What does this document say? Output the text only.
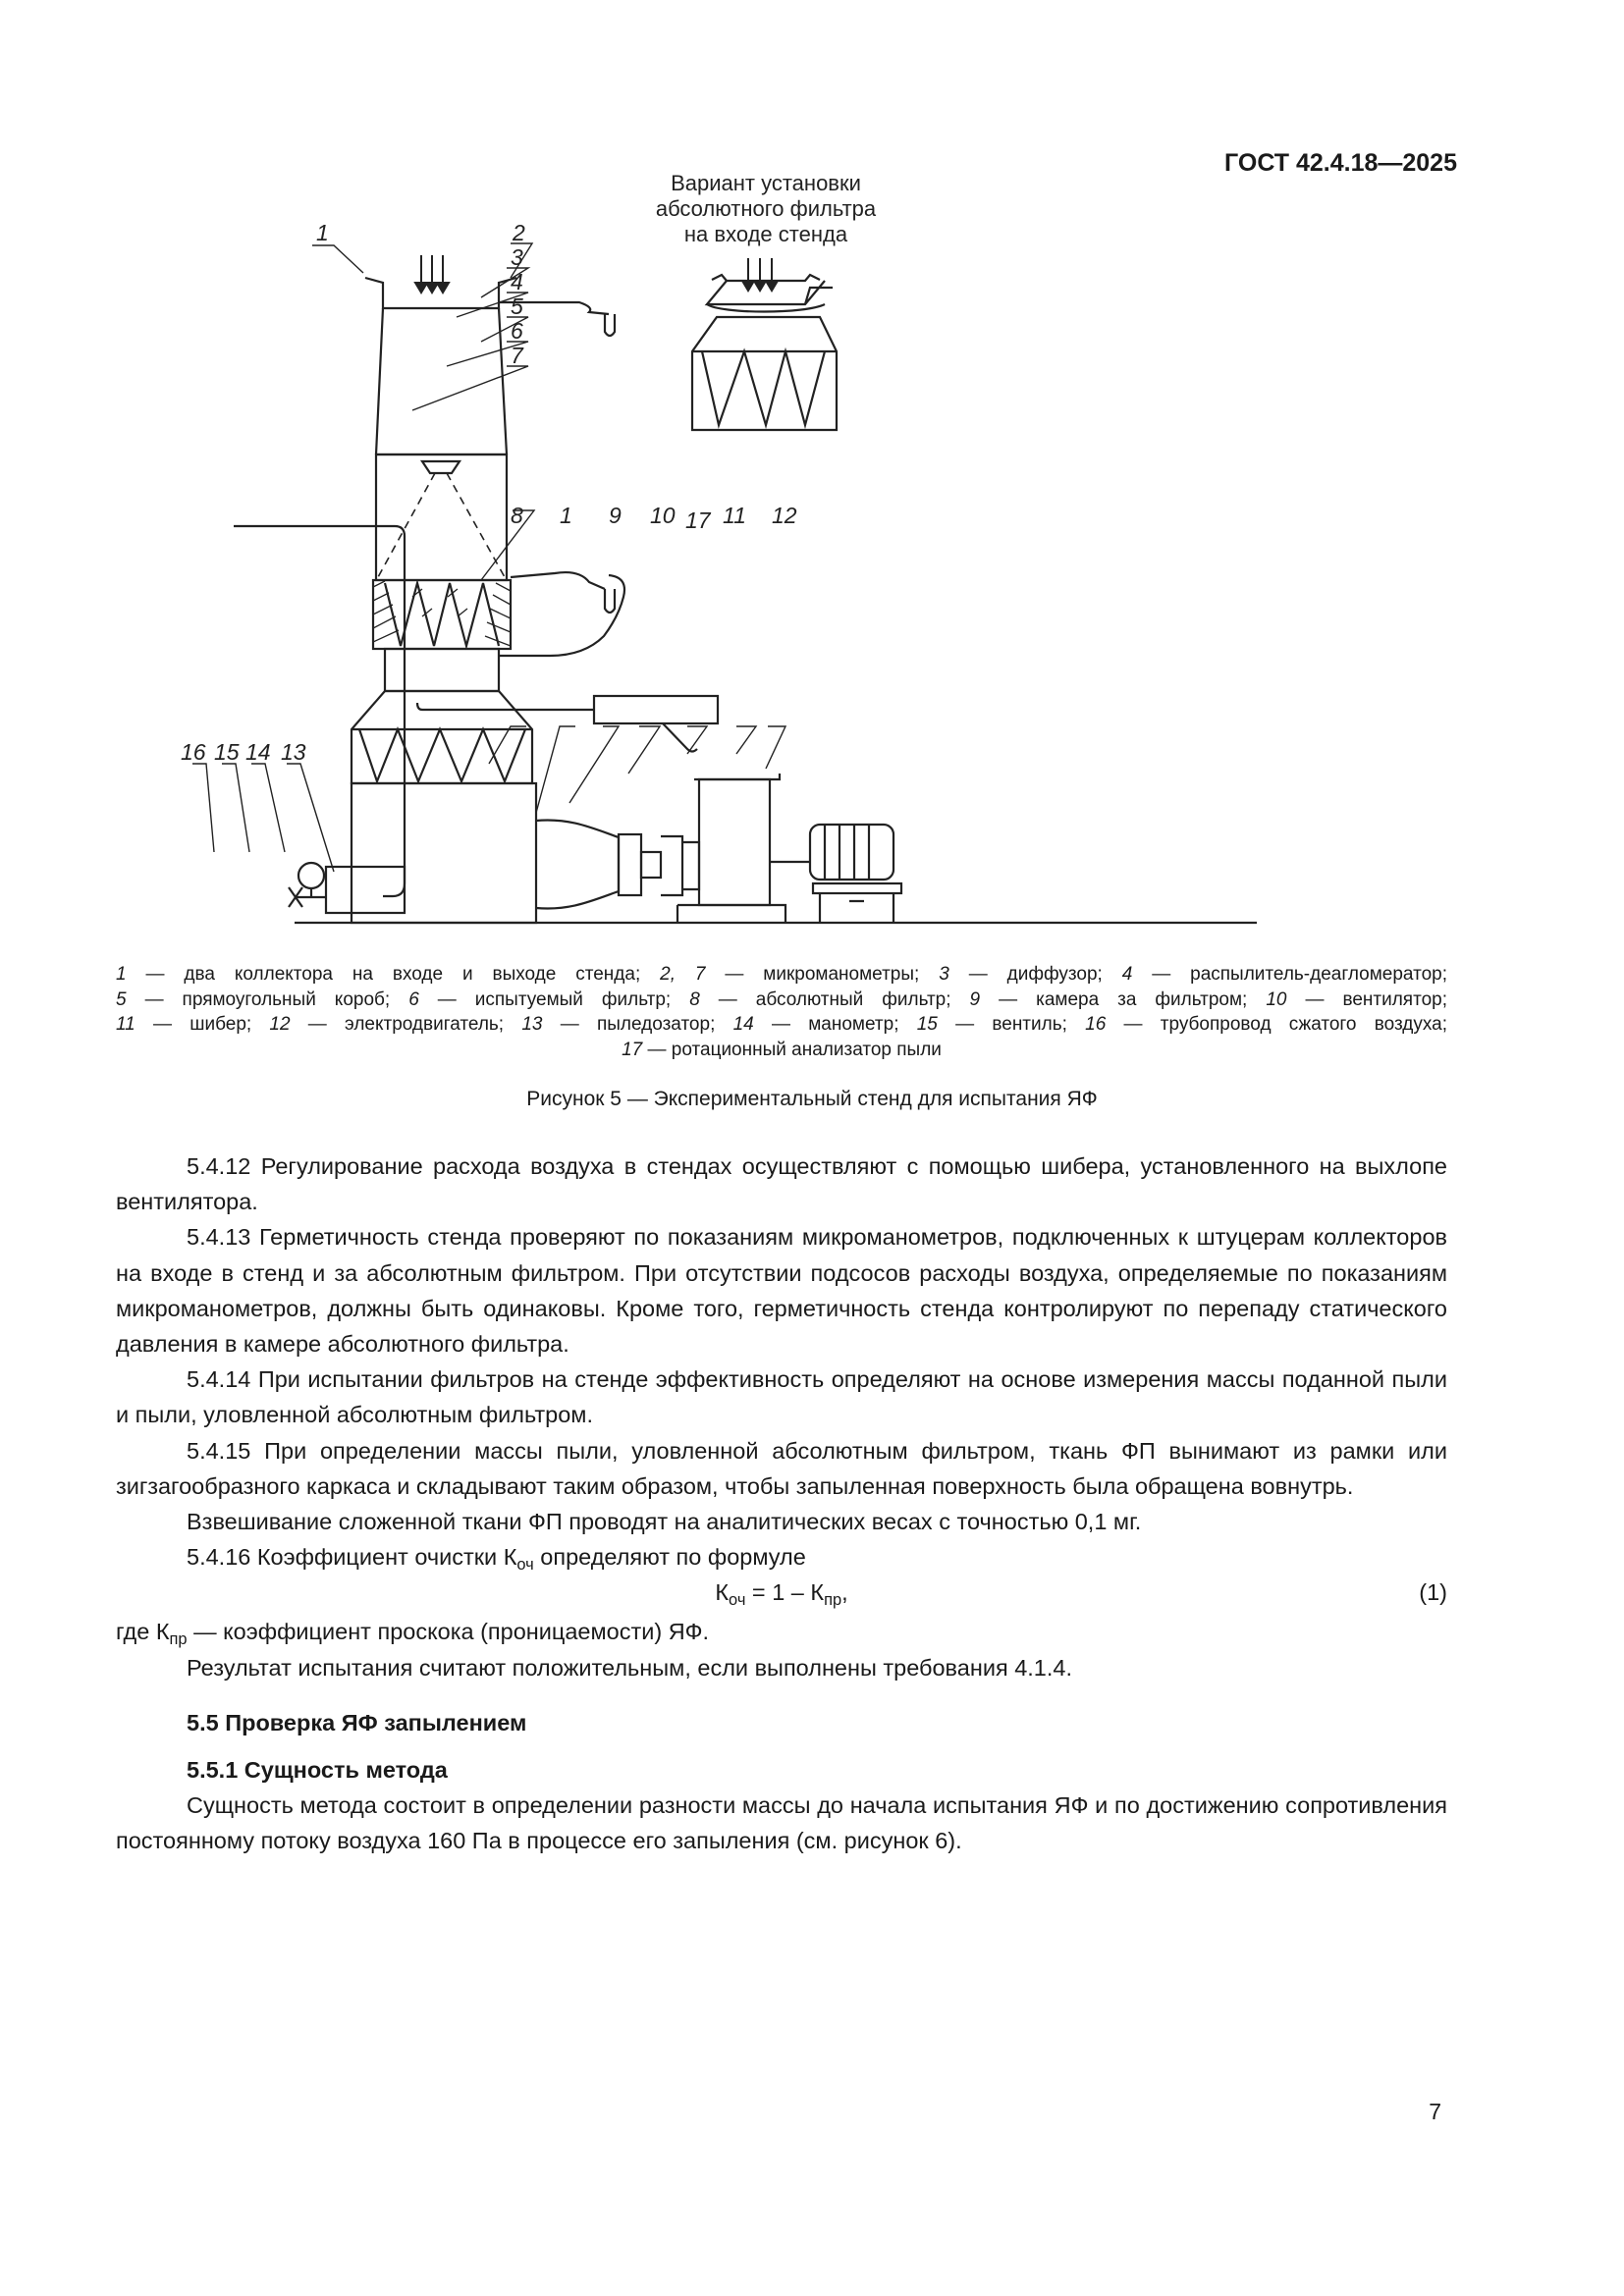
ГОСТ 42.4.18—2025
1	2
3
4
5
6
7
8 1 9 10 17 11 12
16 15 14 13
Вариант установки
абсолютного фильтра
на входе стенда
1 — два коллектора на входе и выходе стенда; 2, 7 — микроманометры; 3 — диффузор; 4 — распылитель-деагломератор;
5 — прямоугольный короб; 6 — испытуемый фильтр; 8 — абсолютный фильтр; 9 — камера за фильтром; 10 — вентилятор;
11 — шибер; 12 — электродвигатель; 13 — пыледозатор; 14 — манометр; 15 — вентиль; 16 — трубопровод сжатого воздуха;
17 — ротационный анализатор пыли
Рисунок 5 — Экспериментальный стенд для испытания ЯФ

5.4.12 Регулирование расхода воздуха в стендах осуществляют с помощью шибера, установленного на выхлопе вентилятора.

5.4.13 Герметичность стенда проверяют по показаниям микроманометров, подключенных к штуцерам коллекторов на входе в стенд и за абсолютным фильтром. При отсутствии подсосов расходы воздуха, определяемые по показаниям микроманометров, должны быть одинаковы. Кроме того, герметичность стенда контролируют по перепаду статического давления в камере абсолютного фильтра.

5.4.14 При испытании фильтров на стенде эффективность определяют на основе измерения массы поданной пыли и пыли, уловленной абсолютным фильтром.

5.4.15 При определении массы пыли, уловленной абсолютным фильтром, ткань ФП вынимают из рамки или зигзагообразного каркаса и складывают таким образом, чтобы запыленная поверхность была обращена вовнутрь.

Взвешивание сложенной ткани ФП проводят на аналитических весах с точностью 0,1 мг.

5.4.16 Коэффициент очистки $К_{оч}$ определяют по формуле

$К_{оч} = 1 - К_{пр}$,	(1)

где $К_{пр}$ — коэффициент проскока (проницаемости) ЯФ.

Результат испытания считают положительным, если выполнены требования 4.1.4.

5.5 Проверка ЯФ запылением

5.5.1 Сущность метода

Сущность метода состоит в определении разности массы до начала испытания ЯФ и по достижению сопротивления постоянному потоку воздуха 160 Па в процессе его запыления (см. рисунок 6).

7
